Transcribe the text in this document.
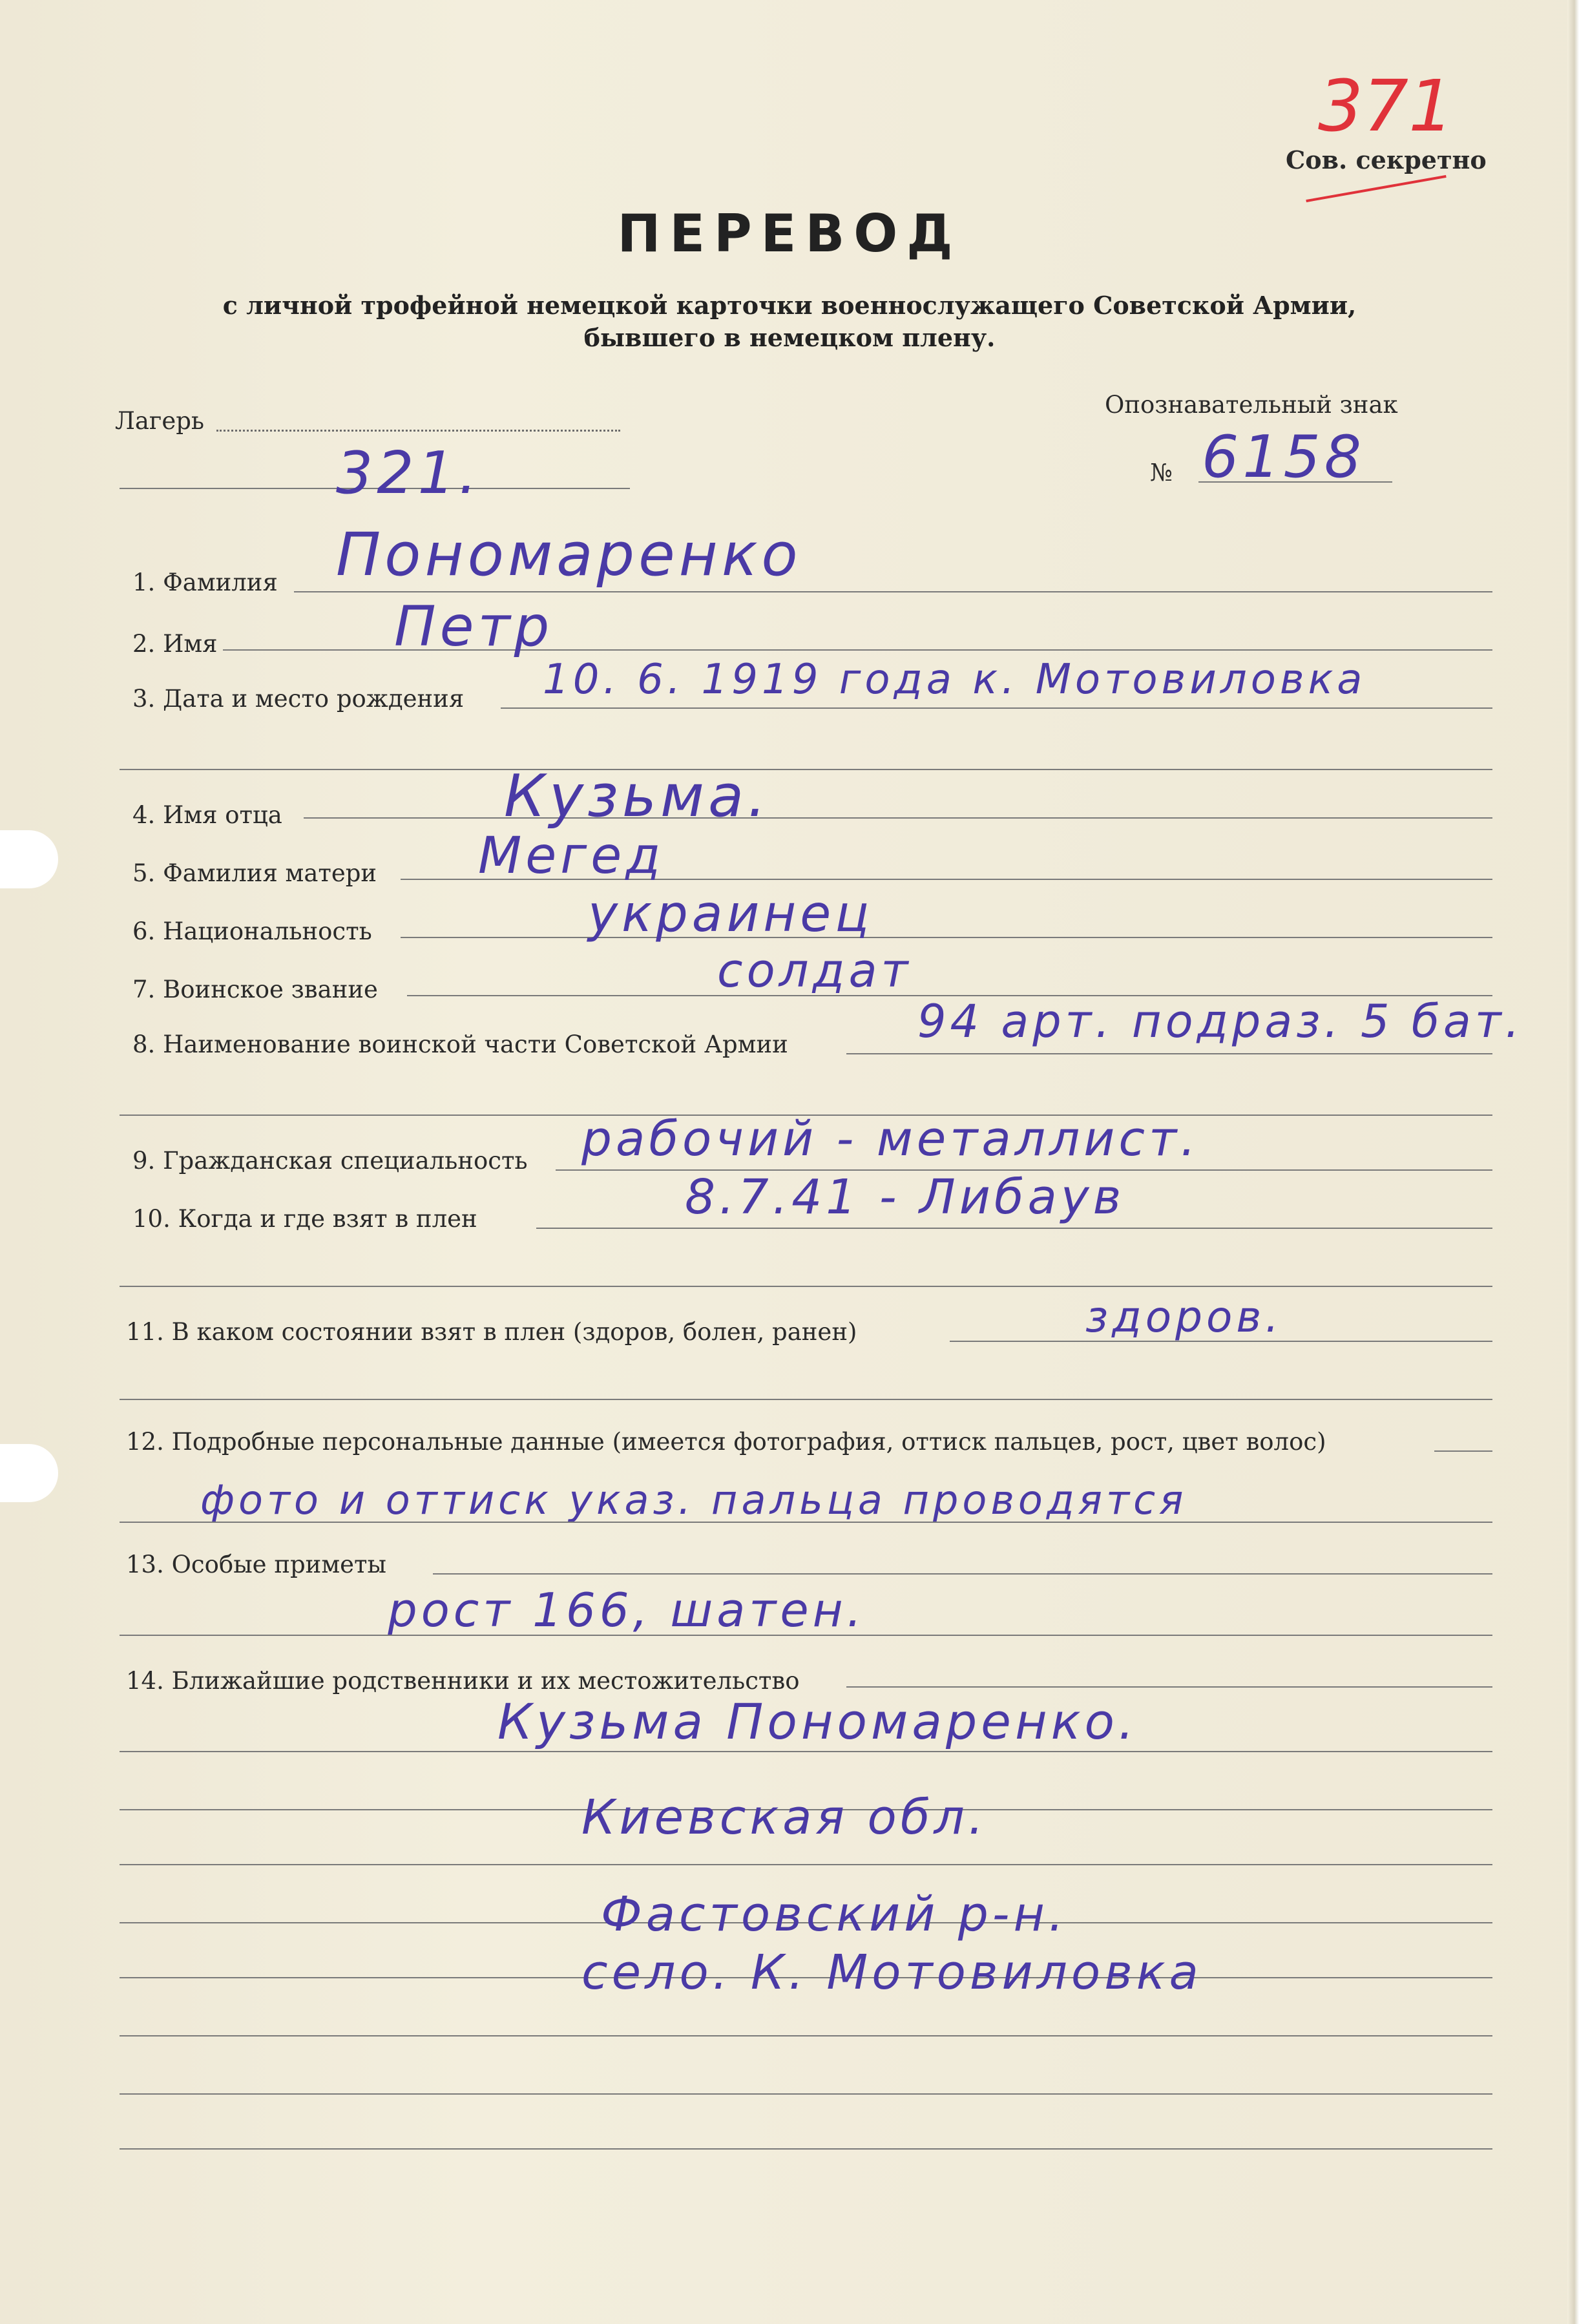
371
Сов. секретно
ПЕРЕВОД
с личной трофейной немецкой карточки военнослужащего Советской Армии,
бывшего в немецком плену.
Лагерь
321.
Опознавательный знак
№ 6158
1. Фамилия Пономаренко
2. Имя	Петр
3. Дата и место рождения 10. 6. 1919 года к. Мотовиловка
4. Имя отца	Кузьма.
5. Фамилия матери Мегед
6. Национальность	украинец
7. Воинское звание	солдат
8. Наименование воинской части Советской Армии	94 арт. подраз. 5 бат.
9. Гражданская специальность рабочий - металлист.
10. Когда и где взят в плен	8.7.41 - Либаув
11. В каком состоянии взят в плен (здоров, болен, ранен)	здоров.
12. Подробные персональные данные (имеется фотография, оттиск пальцев, рост, цвет волос)
фото и оттиск указ. пальца проводятся
13. Особые приметы
рост 166, шатен.
14. Ближайшие родственники и их местожительство
Кузьма Пономаренко.
Киевская обл.
Фастовский р-н.
село. К. Мотовиловка
